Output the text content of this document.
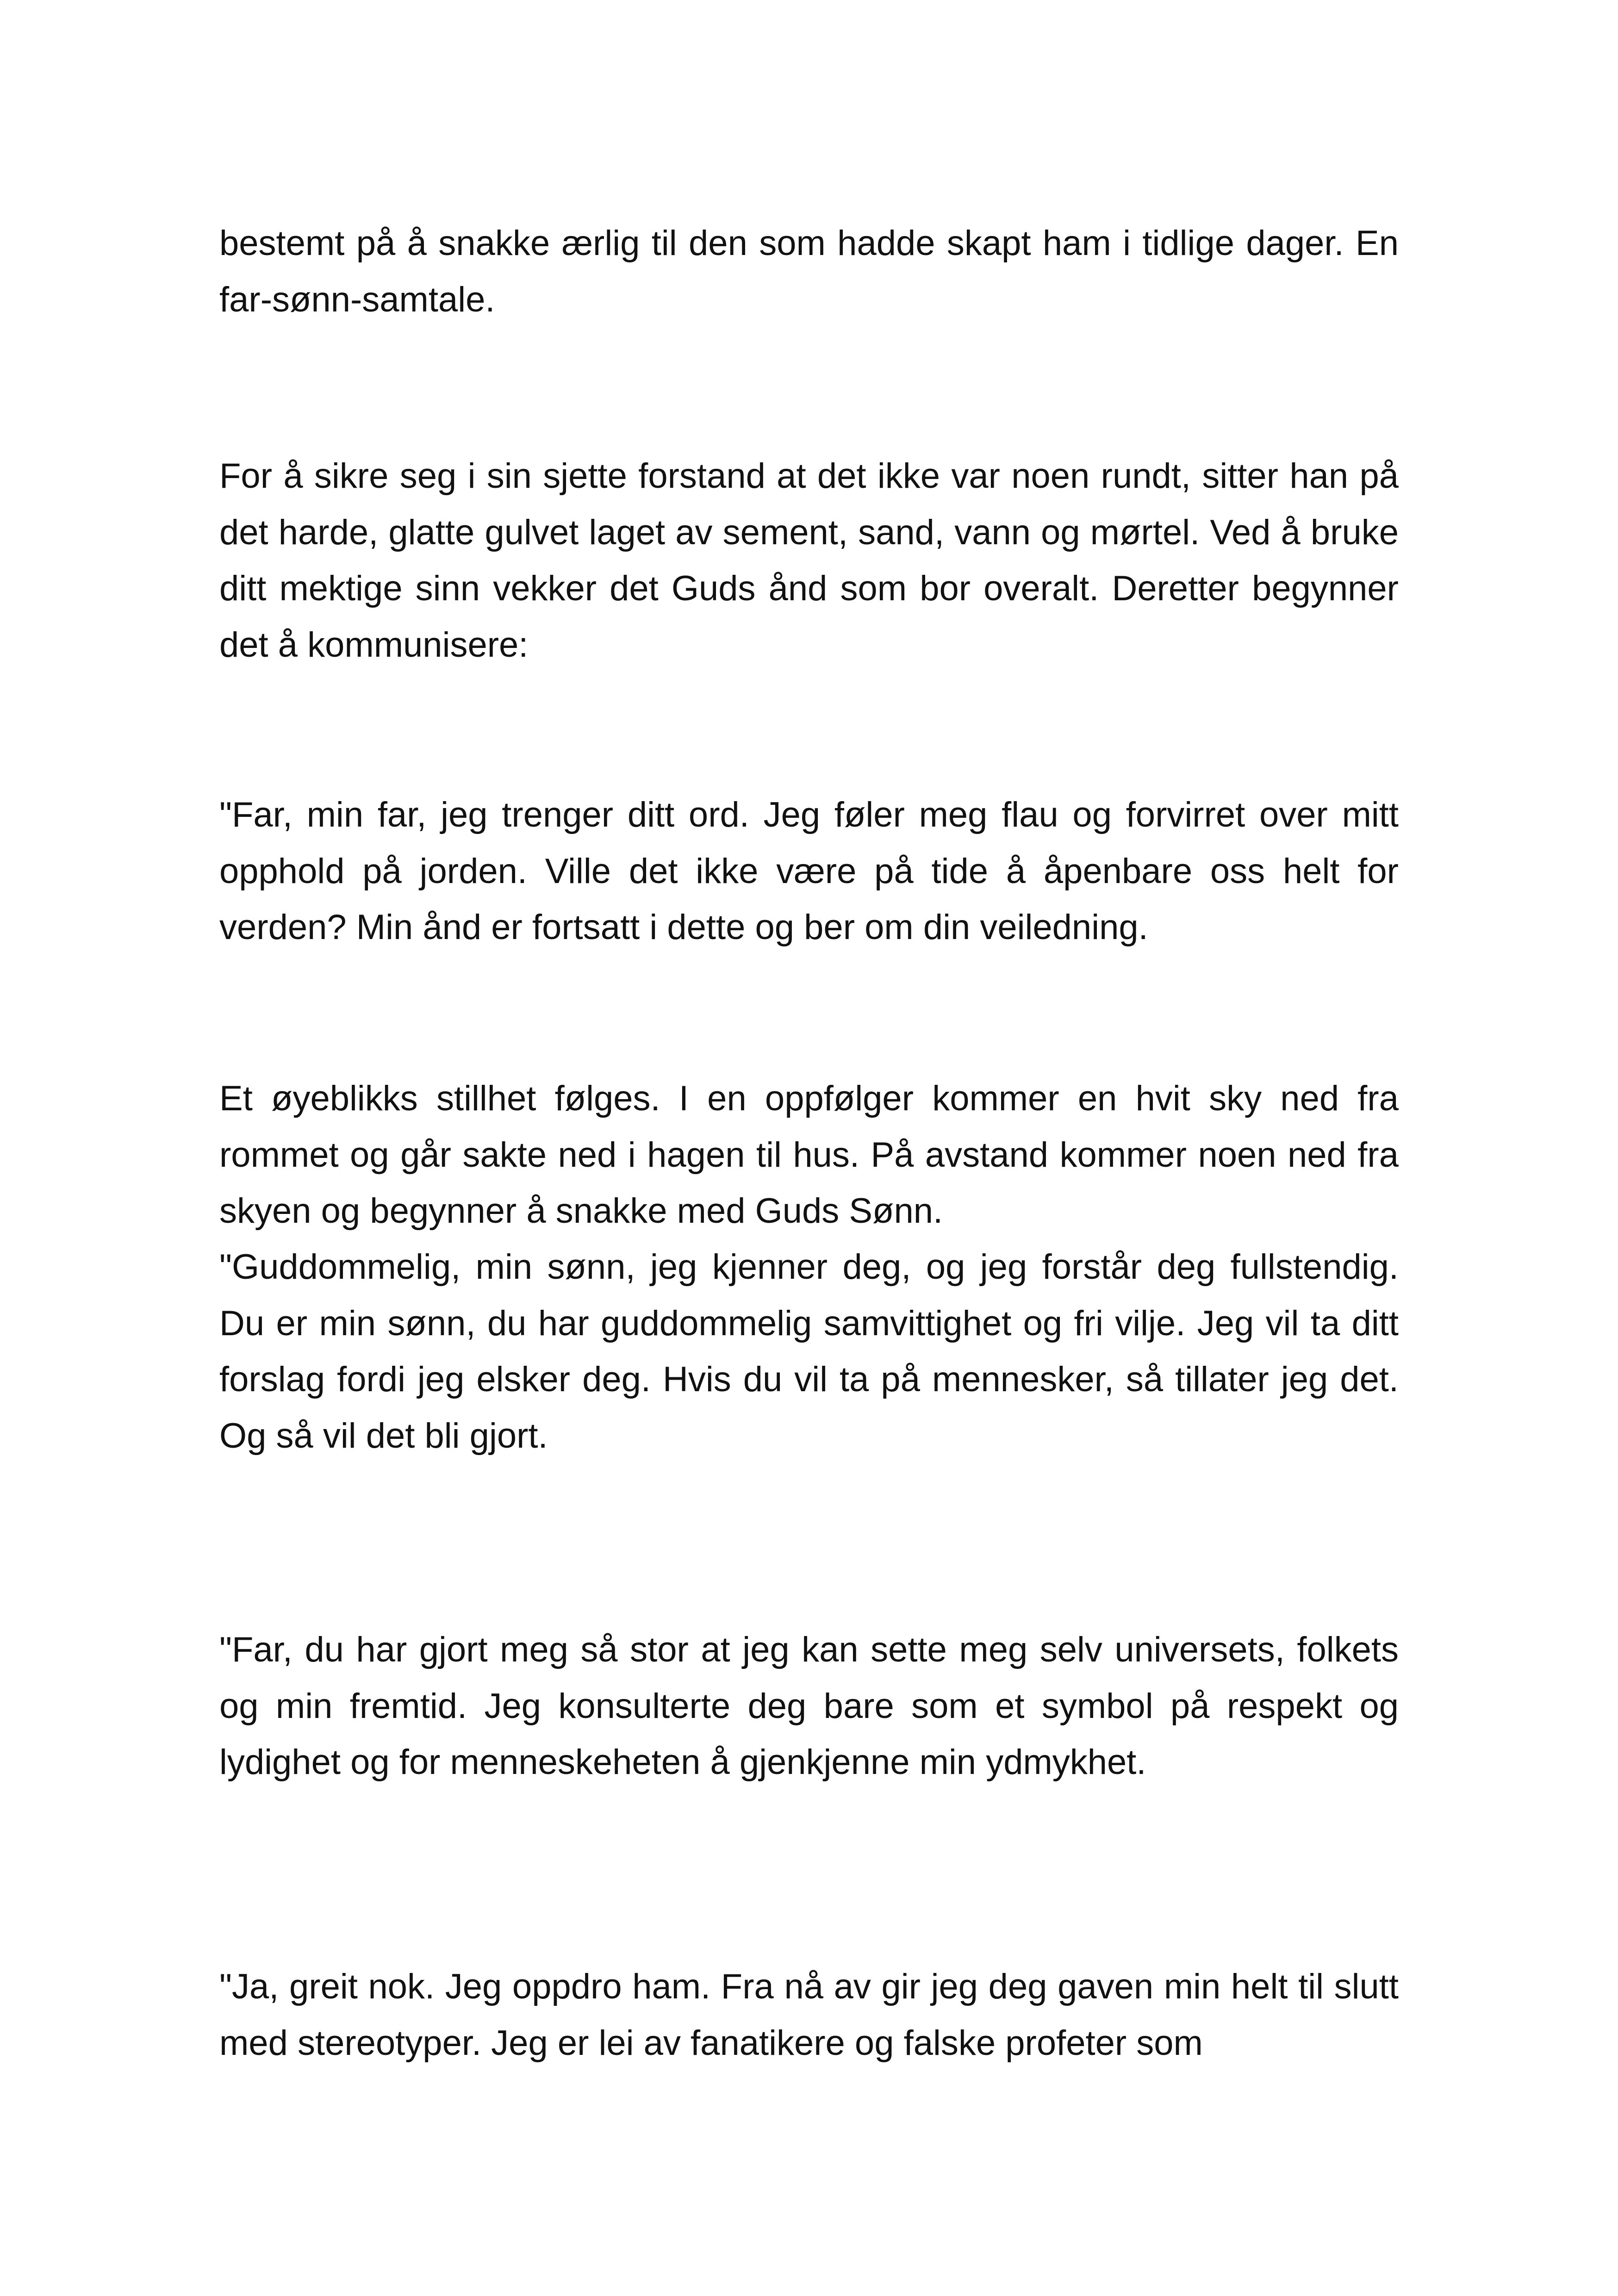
bestemt på å snakke ærlig til den som hadde skapt ham i tidlige dager. En far-sønn-samtale.

For å sikre seg i sin sjette forstand at det ikke var noen rundt, sitter han på det harde, glatte gulvet laget av sement, sand, vann og mørtel. Ved å bruke ditt mektige sinn vekker det Guds ånd som bor overalt. Deretter begynner det å kommunisere:

"Far, min far, jeg trenger ditt ord. Jeg føler meg flau og forvirret over mitt opphold på jorden. Ville det ikke være på tide å åpenbare oss helt for verden? Min ånd er fortsatt i dette og ber om din veiledning.

Et øyeblikks stillhet følges. I en oppfølger kommer en hvit sky ned fra rommet og går sakte ned i hagen til hus. På avstand kommer noen ned fra skyen og begynner å snakke med Guds Sønn.

"Guddommelig, min sønn, jeg kjenner deg, og jeg forstår deg fullstendig. Du er min sønn, du har guddommelig samvittighet og fri vilje. Jeg vil ta ditt forslag fordi jeg elsker deg. Hvis du vil ta på mennesker, så tillater jeg det. Og så vil det bli gjort.

"Far, du har gjort meg så stor at jeg kan sette meg selv universets, folkets og min fremtid. Jeg konsulterte deg bare som et symbol på respekt og lydighet og for menneskeheten å gjenkjenne min ydmykhet.

"Ja, greit nok. Jeg oppdro ham. Fra nå av gir jeg deg gaven min helt til slutt med stereotyper. Jeg er lei av fanatikere og falske profeter som
